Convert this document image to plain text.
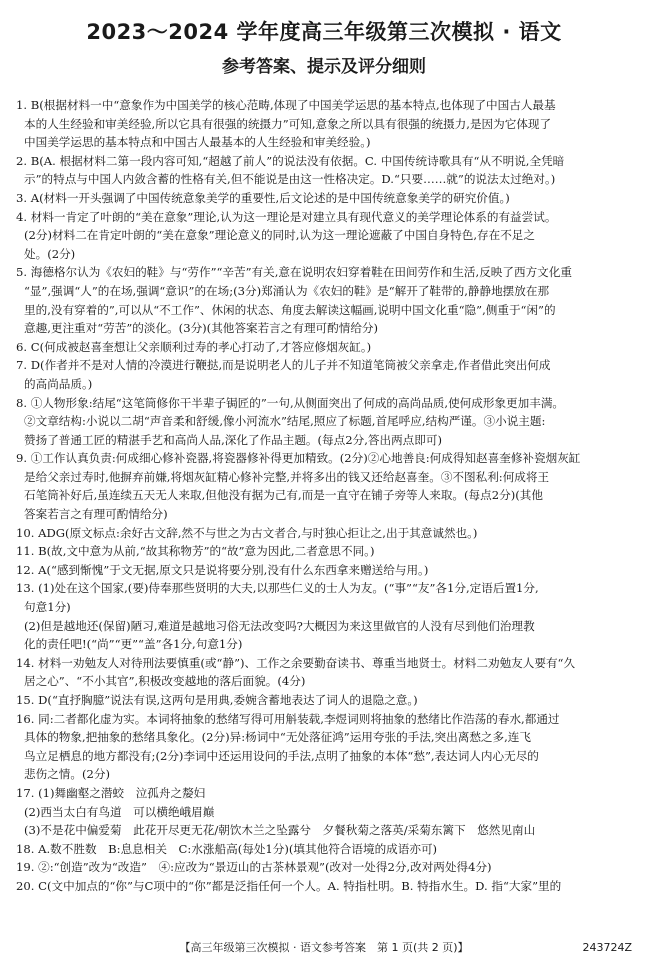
2023～2024 学年度高三年级第三次模拟 · 语文
参考答案、提示及评分细则
1. B(根据材料一中“意象作为中国美学的核心范畴,体现了中国美学运思的基本特点,也体现了中国古人最基
本的人生经验和审美经验,所以它具有很强的统摄力”可知,意象之所以具有很强的统摄力,是因为它体现了
中国美学运思的基本特点和中国古人最基本的人生经验和审美经验。)
2. B(A. 根据材料二第一段内容可知,“超越了前人”的说法没有依据。C. 中国传统诗歌具有“从不明说,全凭暗
示”的特点与中国人内敛含蓄的性格有关,但不能说是由这一性格决定。D.“只要……就”的说法太过绝对。)
3. A(材料一开头强调了中国传统意象美学的重要性,后文论述的是中国传统意象美学的研究价值。)
4. 材料一肯定了叶朗的“美在意象”理论,认为这一理论是对建立具有现代意义的美学理论体系的有益尝试。
(2分)材料二在肯定叶朗的“美在意象”理论意义的同时,认为这一理论遮蔽了中国自身特色,存在不足之
处。(2分)
5. 海德格尔认为《农妇的鞋》与“劳作”“辛苦”有关,意在说明农妇穿着鞋在田间劳作和生活,反映了西方文化重
“显”,强调“人”的在场,强调“意识”的在场;(3分)郑涌认为《农妇的鞋》是“解开了鞋带的,静静地摆放在那
里的,没有穿着的”,可以从“不工作”、休闲的状态、角度去解读这幅画,说明中国文化重“隐”,侧重于“闲”的
意趣,更注重对“劳苦”的淡化。(3分)(其他答案若言之有理可酌情给分)
6. C(何成被赵喜奎想让父亲顺利过寿的孝心打动了,才答应修烟灰缸。)
7. D(作者并不是对人情的冷漠进行鞭挞,而是说明老人的儿子并不知道笔筒被父亲拿走,作者借此突出何成
的高尚品质。)
8. ①人物形象:结尾“这笔筒修你干半辈子锔匠的”一句,从侧面突出了何成的高尚品质,使何成形象更加丰满。
②文章结构:小说以二胡“声音柔和舒缓,像小河流水”结尾,照应了标题,首尾呼应,结构严谨。③小说主题:
赞扬了普通工匠的精湛手艺和高尚人品,深化了作品主题。(每点2分,答出两点即可)
9. ①工作认真负责:何成细心修补瓷器,将瓷器修补得更加精致。(2分)②心地善良:何成得知赵喜奎修补瓷烟灰缸
是给父亲过寿时,他摒弃前嫌,将烟灰缸精心修补完整,并将多出的钱又还给赵喜奎。③不图私利:何成将王
石笔筒补好后,虽连续五天无人来取,但他没有据为己有,而是一直守在铺子旁等人来取。(每点2分)(其他
答案若言之有理可酌情给分)
10. ADG(原文标点:余好古文辞,然不与世之为古文者合,与时独心拒让之,出于其意诚然也。)
11. B(故,文中意为从前,“故其称物芳”的“故”意为因此,二者意思不同。)
12. A(“感到惭愧”于文无据,原文只是说将要分别,没有什么东西拿来赠送给与用。)
13. (1)处在这个国家,(要)侍奉那些贤明的大夫,以那些仁义的士人为友。(“事”“友”各1分,定语后置1分,
句意1分)
(2)但是越地还(保留)陋习,难道是越地习俗无法改变吗?大概因为来这里做官的人没有尽到他们治理教
化的责任吧!(“尚”“更”“盖”各1分,句意1分)
14. 材料一劝勉友人对待刑法要慎重(或“静”)、工作之余要勤奋读书、尊重当地贤士。材料二劝勉友人要有“久
居之心”、“不小其官”,积极改变越地的落后面貌。(4分)
15. D(“直抒胸臆”说法有误,这两句是用典,委婉含蓄地表达了词人的退隐之意。)
16. 同:二者都化虚为实。本词将抽象的愁绪写得可用斛装载,李煜词则将抽象的愁绪比作浩荡的春水,都通过
具体的物象,把抽象的愁绪具象化。(2分)异:杨词中“无处落征鸿”运用夸张的手法,突出离愁之多,连飞
鸟立足栖息的地方都没有;(2分)李词中还运用设问的手法,点明了抽象的本体“愁”,表达词人内心无尽的
悲伤之情。(2分)
17. (1)舞幽壑之潜蛟　泣孤舟之嫠妇
(2)西当太白有鸟道　可以横绝峨眉巅
(3)不是花中偏爱菊　此花开尽更无花/朝饮木兰之坠露兮　夕餐秋菊之落英/采菊东篱下　悠然见南山
18. A.数不胜数　B:息息相关　C:水涨船高(每处1分)(填其他符合语境的成语亦可)
19. ②:“创造”改为“改造”　④:应改为“景迈山的古茶林景观”(改对一处得2分,改对两处得4分)
20. C(文中加点的“你”与C项中的“你”都是泛指任何一个人。A. 特指杜明。B. 特指水生。D. 指“大家”里的
【高三年级第三次模拟 · 语文参考答案　第 1 页(共 2 页)】	243724Z
